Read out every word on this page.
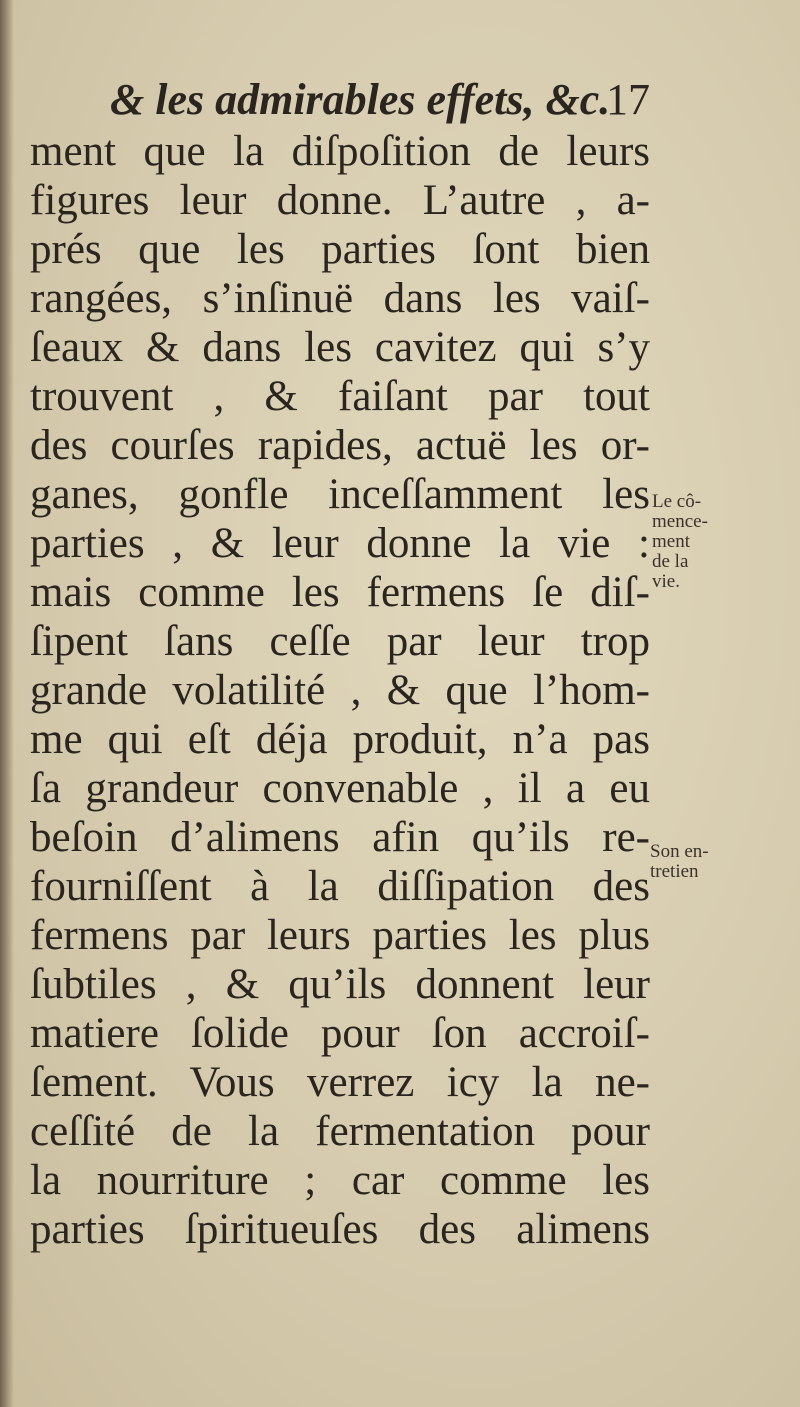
& les admirables effets, &c.
17
ment que la diſpoſition de leurs
figures leur donne. L’autre , a-
prés que les parties ſont bien
rangées, s’inſinuë dans les vaiſ-
ſeaux & dans les cavitez qui s’y
trouvent , & faiſant par tout
des courſes rapides, actuë les or-
ganes, gonfle inceſſamment les
parties , & leur donne la vie :
mais comme les fermens ſe diſ-
ſipent ſans ceſſe par leur trop
grande volatilité , & que l’hom-
me qui eſt déja produit, n’a pas
ſa grandeur convenable , il a eu
beſoin d’alimens afin qu’ils re-
fourniſſent à la diſſipation des
fermens par leurs parties les plus
ſubtiles , & qu’ils donnent leur
matiere ſolide pour ſon accroiſ-
ſement. Vous verrez icy la ne-
ceſſité de la fermentation pour
la nourriture ; car comme les
parties ſpiritueuſes des alimens
Le cô-
mence-
ment
de la
vie.
Son en-
tretien
